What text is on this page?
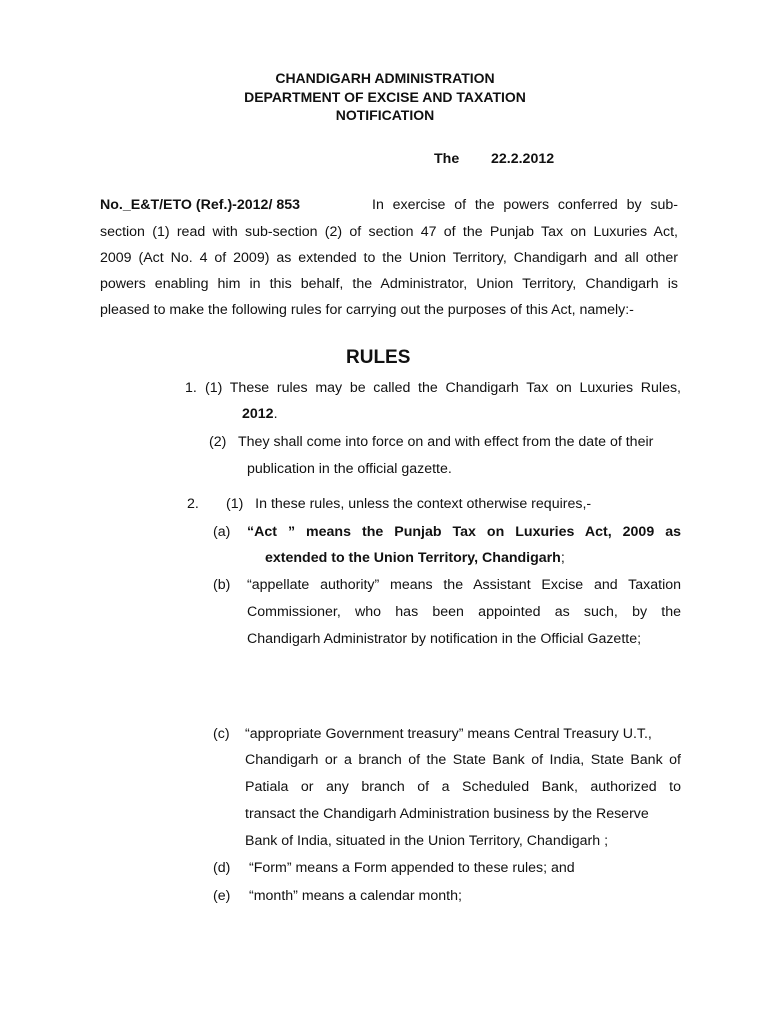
CHANDIGARH ADMINISTRATION
DEPARTMENT OF EXCISE AND TAXATION
NOTIFICATION
The 22.2.2012
No._E&T/ETO (Ref.)-2012/ 853	In exercise of the powers conferred by sub-
section (1) read with sub-section (2) of section 47 of the Punjab Tax on Luxuries Act,
2009 (Act No. 4 of 2009) as extended to the Union Territory, Chandigarh and all other
powers enabling him in this behalf, the Administrator, Union Territory, Chandigarh is
pleased to make the following rules for carrying out the purposes of this Act, namely:-
RULES
1. (1) These rules may be called the Chandigarh Tax on Luxuries Rules,
2012.
(2) They shall come into force on and with effect from the date of their
publication in the official gazette.
2. (1)   In these rules, unless the context otherwise requires,-
(a) “Act ” means the Punjab Tax on Luxuries Act, 2009 as
extended to the Union Territory, Chandigarh;
(b) “appellate authority” means the Assistant Excise and Taxation
Commissioner, who has been appointed as such, by the
Chandigarh Administrator by notification in the Official Gazette;
(c) “appropriate Government treasury” means Central Treasury U.T.,
Chandigarh or a branch of the State Bank of India, State Bank of
Patiala or any branch of a Scheduled Bank, authorized to
transact the Chandigarh Administration business by the Reserve
Bank of India, situated in the Union Territory, Chandigarh ;
(d) “Form” means a Form appended to these rules; and
(e) “month” means a calendar month;
